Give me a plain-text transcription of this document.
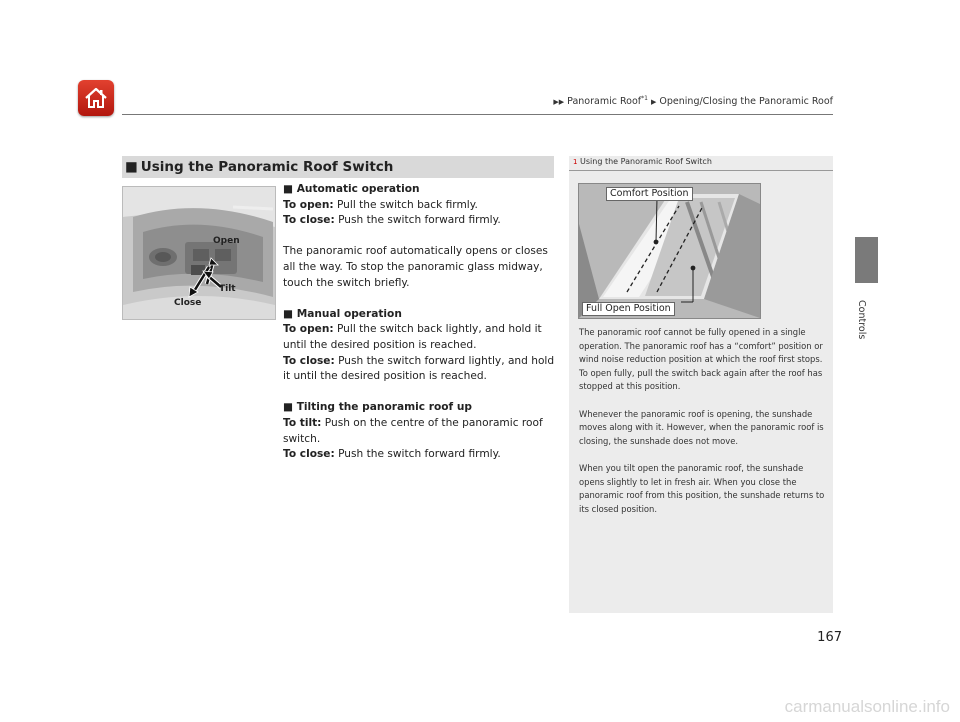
▶▶ Panoramic Roof$^{*1}$ ▶ Opening/Closing the Panoramic Roof
Controls
■ Using the Panoramic Roof Switch
Open
Tilt
Close

■ Automatic operation

To open: Pull the switch back firmly.

To close: Push the switch forward firmly.

The panoramic roof automatically opens or closes all the way. To stop the panoramic glass midway, touch the switch briefly.

■ Manual operation

To open: Pull the switch back lightly, and hold it until the desired position is reached.

To close: Push the switch forward lightly, and hold it until the desired position is reached.

■ Tilting the panoramic roof up

To tilt: Push on the centre of the panoramic roof switch.

To close: Push the switch forward firmly.

1 Using the Panoramic Roof Switch
Comfort Position
Full Open Position

The panoramic roof cannot be fully opened in a single operation. The panoramic roof has a “comfort” position or wind noise reduction position at which the roof first stops. To open fully, pull the switch back again after the roof has stopped at this position.

Whenever the panoramic roof is opening, the sunshade moves along with it. However, when the panoramic roof is closing, the sunshade does not move.

When you tilt open the panoramic roof, the sunshade opens slightly to let in fresh air. When you close the panoramic roof from this position, the sunshade returns to its closed position.

167
carmanualsonline.info
